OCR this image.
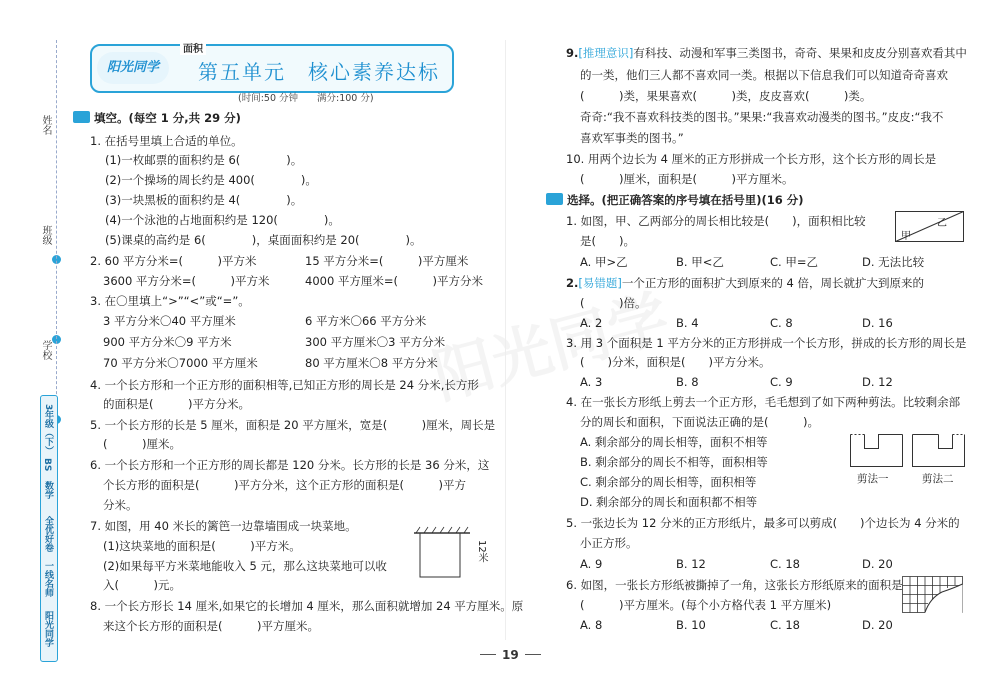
姓名
班级
学校
阳光同学
一线名师
全优好卷
数学
BS
3年级（下）
阳光同学
面积
第五单元　核心素养达标
(时间:50 分钟　　满分:100 分)
填空。(每空 1 分,共 29 分)
1. 在括号里填上合适的单位。
(1)一枚邮票的面积约是 6(　　　　)。
(2)一个操场的周长约是 400(　　　　)。
(3)一块黑板的面积约是 4(　　　　)。
(4)一个泳池的占地面积约是 120(　　　　)。
(5)课桌的高约是 6(　　　　)，桌面面积约是 20(　　　　)。
2. 60 平方分米=(　　　)平方米	15 平方分米=(　　　)平方厘米
3600 平方分米=(　　　)平方米	4000 平方厘米=(　　　)平方分米
3. 在〇里填上“>”“<”或“=”。
3 平方分米〇40 平方厘米	6 平方米〇66 平方分米
900 平方分米〇9 平方米	300 平方厘米〇3 平方分米
70 平方分米〇7000 平方厘米	80 平方厘米〇8 平方分米
4. 一个长方形和一个正方形的面积相等,已知正方形的周长是 24 分米,长方形
的面积是(　　　)平方分米。
5. 一个长方形的长是 5 厘米，面积是 20 平方厘米，宽是(　　　)厘米，周长是
(　　　)厘米。
6. 一个长方形和一个正方形的周长都是 120 分米。长方形的长是 36 分米，这
个长方形的面积是(　　　)平方分米，这个正方形的面积是(　　　)平方
分米。
7. 如图，用 40 米长的篱笆一边靠墙围成一块菜地。
(1)这块菜地的面积是(　　　)平方米。
(2)如果每平方米菜地能收入 5 元，那么这块菜地可以收
入(　　　)元。
12米
8. 一个长方形长 14 厘米,如果它的长增加 4 厘米，那么面积就增加 24 平方厘米。原
来这个长方形的面积是(　　　)平方厘米。
9.[推理意识]有科技、动漫和军事三类图书，奇奇、果果和皮皮分别喜欢看其中
的一类，他们三人都不喜欢同一类。根据以下信息我们可以知道奇奇喜欢
(　　　)类，果果喜欢(　　　)类，皮皮喜欢(　　　)类。
奇奇:“我不喜欢科技类的图书。”果果:“我喜欢动漫类的图书。”皮皮:“我不
喜欢军事类的图书。”
10. 用两个边长为 4 厘米的正方形拼成一个长方形，这个长方形的周长是
(　　　)厘米，面积是(　　　)平方厘米。
选择。(把正确答案的序号填在括号里)(16 分)
1. 如图，甲、乙两部分的周长相比较是(　　)，面积相比较
是(　　)。
A. 甲>乙	B. 甲<乙	C. 甲=乙	D. 无法比较
甲
乙
2.[易错题]一个正方形的面积扩大到原来的 4 倍，周长就扩大到原来的
(　　　)倍。
A. 2	B. 4	C. 8	D. 16
3. 用 3 个面积是 1 平方分米的正方形拼成一个长方形，拼成的长方形的周长是
(　　)分米，面积是(　　)平方分米。
A. 3	B. 8	C. 9	D. 12
4. 在一张长方形纸上剪去一个正方形，毛毛想到了如下两种剪法。比较剩余部
分的周长和面积，下面说法正确的是(　　　)。
A. 剩余部分的周长相等，面积不相等
B. 剩余部分的周长不相等，面积相等
C. 剩余部分的周长相等，面积相等
D. 剩余部分的周长和面积都不相等
剪法一	剪法二
5. 一张边长为 12 分米的正方形纸片，最多可以剪成(　　)个边长为 4 分米的
小正方形。
A. 9	B. 12	C. 18	D. 20
6. 如图，一张长方形纸被撕掉了一角，这张长方形纸原来的面积是
(　　　)平方厘米。(每个小方格代表 1 平方厘米)
A. 8	B. 10	C. 18	D. 20
19
